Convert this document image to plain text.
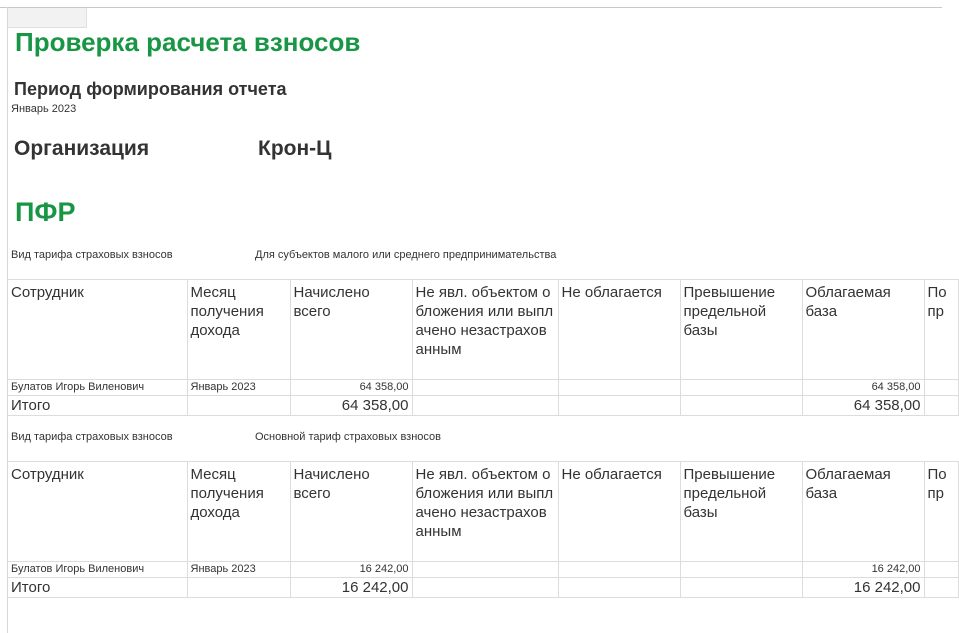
Проверка расчета взносов
Период формирования отчета
Январь 2023
Организация	Крон-Ц
ПФР
Вид тарифа страховых взносов	Для субъектов малого или среднего предпринимательства
Сотрудник	Месяц получения дохода	Начислено всего	Не явл. объектом обложения или выплачено незастрахованным	Не облагается	Превышение предельной базы	Облагаемая база	По пр
Булатов Игорь Виленович	Январь 2023	64 358,00				64 358,00	
Итого		64 358,00				64 358,00	
Вид тарифа страховых взносов	Основной тариф страховых взносов
Сотрудник	Месяц получения дохода	Начислено всего	Не явл. объектом обложения или выплачено незастрахованным	Не облагается	Превышение предельной базы	Облагаемая база	По пр
Булатов Игорь Виленович	Январь 2023	16 242,00				16 242,00	
Итого		16 242,00				16 242,00	
